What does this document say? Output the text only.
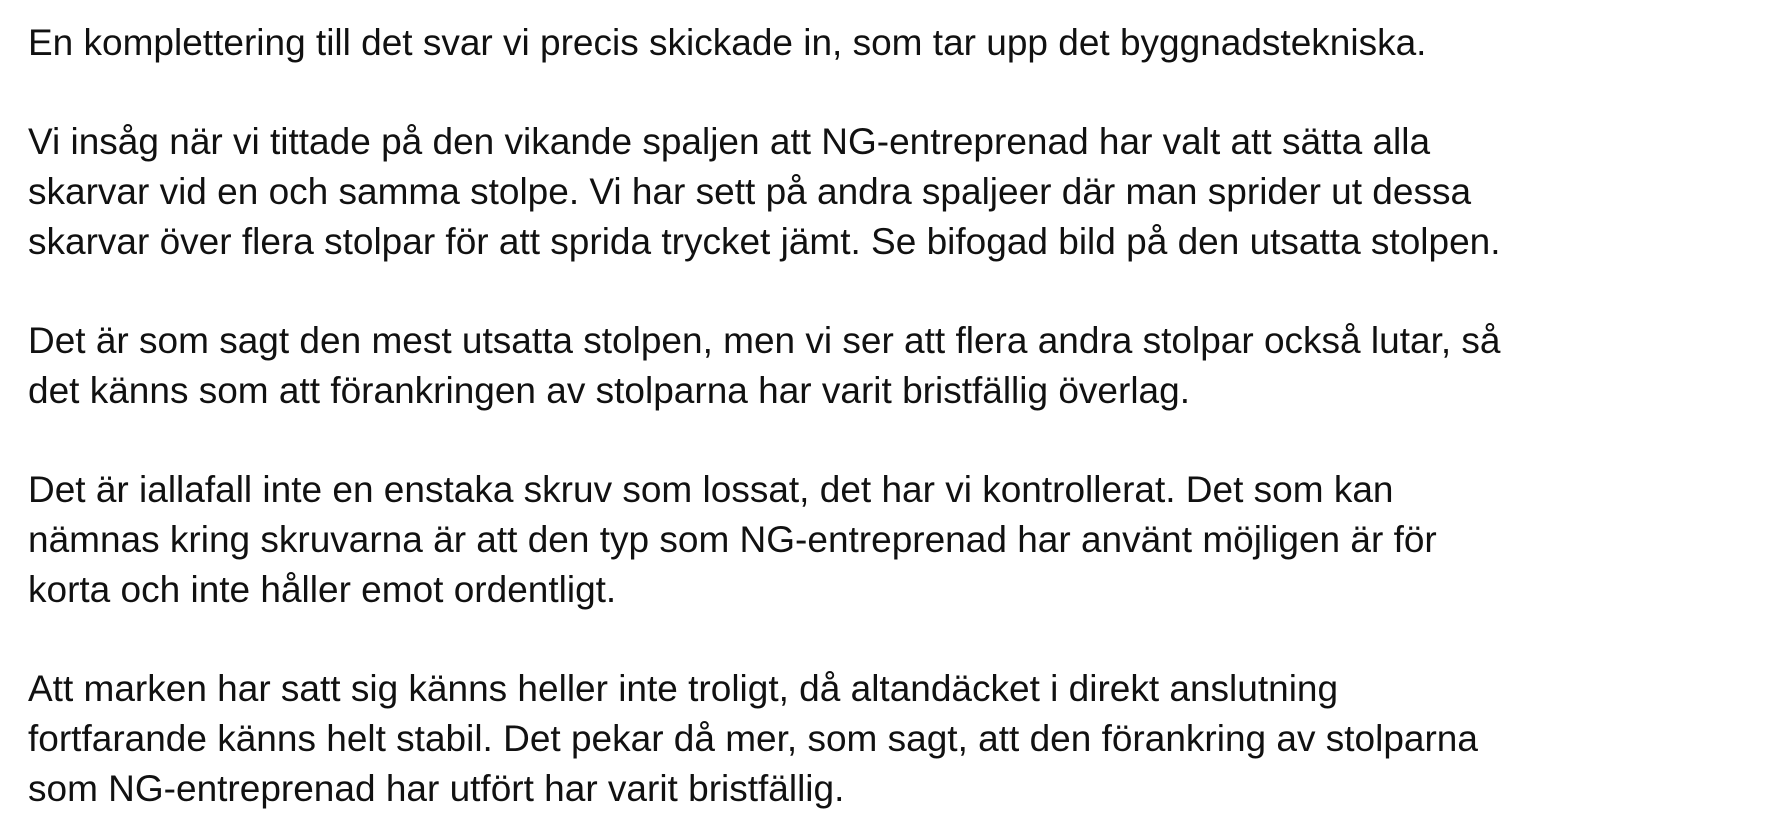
En komplettering till det svar vi precis skickade in, som tar upp det byggnadstekniska.
Vi insåg när vi tittade på den vikande spaljen att NG-entreprenad har valt att sätta alla
skarvar vid en och samma stolpe. Vi har sett på andra spaljeer där man sprider ut dessa
skarvar över flera stolpar för att sprida trycket jämt. Se bifogad bild på den utsatta stolpen.
Det är som sagt den mest utsatta stolpen, men vi ser att flera andra stolpar också lutar, så
det känns som att förankringen av stolparna har varit bristfällig överlag.
Det är iallafall inte en enstaka skruv som lossat, det har vi kontrollerat. Det som kan
nämnas kring skruvarna är att den typ som NG-entreprenad har använt möjligen är för
korta och inte håller emot ordentligt.
Att marken har satt sig känns heller inte troligt, då altandäcket i direkt anslutning
fortfarande känns helt stabil. Det pekar då mer, som sagt, att den förankring av stolparna
som NG-entreprenad har utfört har varit bristfällig.
